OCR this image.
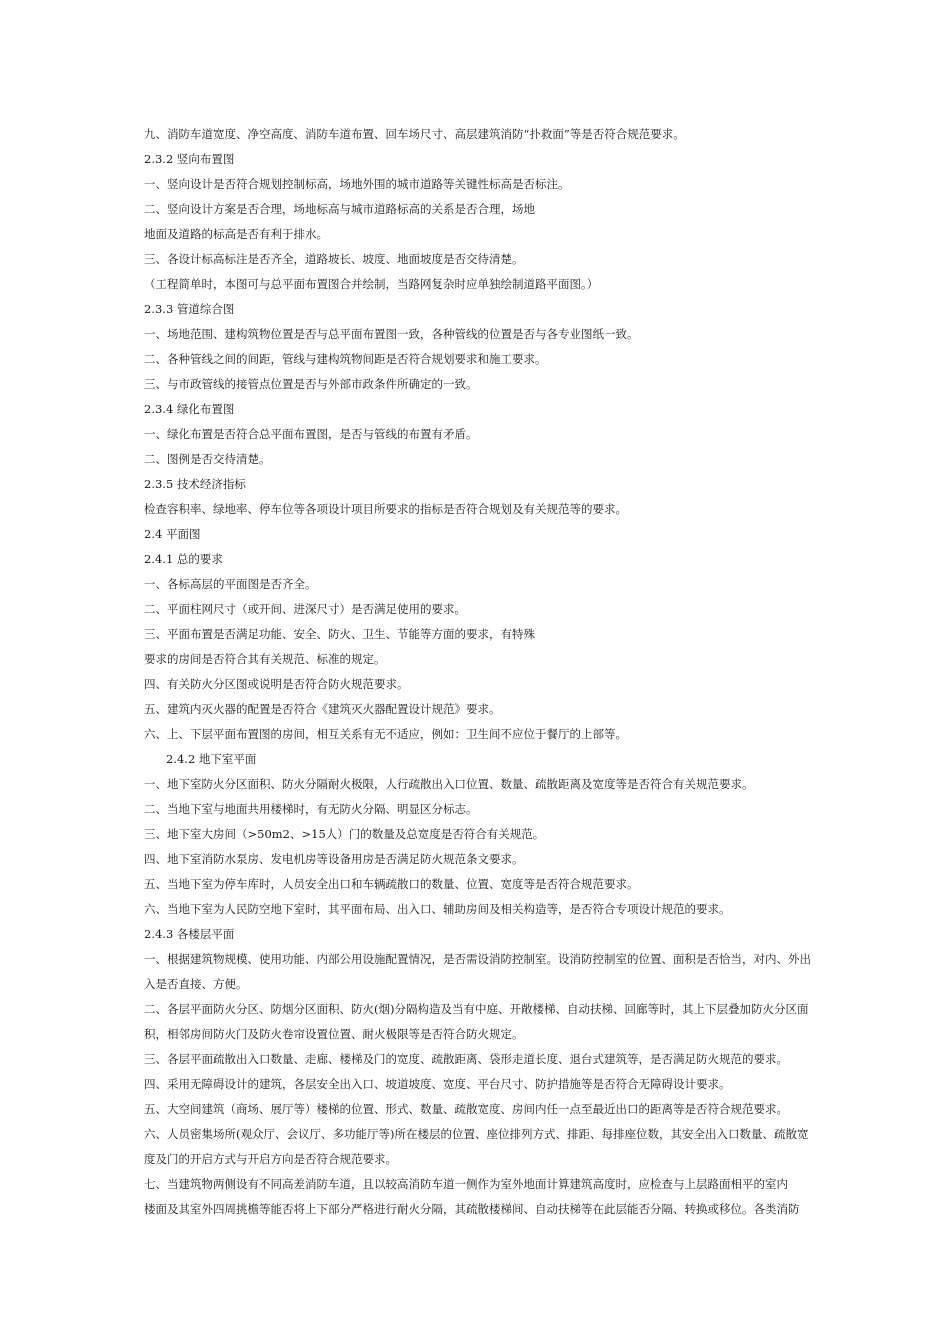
九、消防车道宽度、净空高度、消防车道布置、回车场尺寸、高层建筑消防“扑救面”等是否符合规范要求。
2.3.2 竖向布置图
一、竖向设计是否符合规划控制标高，场地外围的城市道路等关键性标高是否标注。
二、竖向设计方案是否合理，场地标高与城市道路标高的关系是否合理，场地
地面及道路的标高是否有利于排水。
三、各设计标高标注是否齐全，道路坡长、坡度、地面坡度是否交待清楚。
（工程简单时，本图可与总平面布置图合并绘制，当路网复杂时应单独绘制道路平面图。）
2.3.3 管道综合图
一、场地范围、建构筑物位置是否与总平面布置图一致，各种管线的位置是否与各专业图纸一致。
二、各种管线之间的间距，管线与建构筑物间距是否符合规划要求和施工要求。
三、与市政管线的接管点位置是否与外部市政条件所确定的一致。
2.3.4 绿化布置图
一、绿化布置是否符合总平面布置图，是否与管线的布置有矛盾。
二、图例是否交待清楚。
2.3.5 技术经济指标
检查容积率、绿地率、停车位等各项设计项目所要求的指标是否符合规划及有关规范等的要求。
2.4 平面图
2.4.1 总的要求
一、各标高层的平面图是否齐全。
二、平面柱网尺寸（或开间、进深尺寸）是否满足使用的要求。
三、平面布置是否满足功能、安全、防火、卫生、节能等方面的要求，有特殊
要求的房间是否符合其有关规范、标准的规定。
四、有关防火分区图或说明是否符合防火规范要求。
五、建筑内灭火器的配置是否符合《建筑灭火器配置设计规范》要求。
六、上、下层平面布置图的房间，相互关系有无不适应，例如：卫生间不应位于餐厅的上部等。
2.4.2 地下室平面
一、地下室防火分区面积、防火分隔耐火极限，人行疏散出入口位置、数量、疏散距离及宽度等是否符合有关规范要求。
二、当地下室与地面共用楼梯时，有无防火分隔、明显区分标志。
三、地下室大房间（>50m2、>15人）门的数量及总宽度是否符合有关规范。
四、地下室消防水泵房、发电机房等设备用房是否满足防火规范条文要求。
五、当地下室为停车库时，人员安全出口和车辆疏散口的数量、位置、宽度等是否符合规范要求。
六、当地下室为人民防空地下室时，其平面布局、出入口、辅助房间及相关构造等，是否符合专项设计规范的要求。
2.4.3 各楼层平面
一、根据建筑物规模、使用功能、内部公用设施配置情况，是否需设消防控制室。设消防控制室的位置、面积是否恰当，对内、外出
入是否直接、方便。
二、各层平面防火分区、防烟分区面积、防火(烟)分隔构造及当有中庭、开敞楼梯、自动扶梯、回廊等时，其上下层叠加防火分区面
积，相邻房间防火门及防火卷帘设置位置、耐火极限等是否符合防火规定。
三、各层平面疏散出入口数量、走廊、楼梯及门的宽度、疏散距离、袋形走道长度、退台式建筑等，是否满足防火规范的要求。
四、采用无障碍设计的建筑，各层安全出入口、坡道坡度、宽度、平台尺寸、防护措施等是否符合无障碍设计要求。
五、大空间建筑（商场、展厅等）楼梯的位置、形式、数量、疏散宽度、房间内任一点至最近出口的距离等是否符合规范要求。
六、人员密集场所(观众厅、会议厅、多功能厅等)所在楼层的位置、座位排列方式、排距、每排座位数，其安全出入口数量、疏散宽
度及门的开启方式与开启方向是否符合规范要求。
七、当建筑物两侧设有不同高差消防车道，且以较高消防车道一侧作为室外地面计算建筑高度时，应检查与上层路面相平的室内
楼面及其室外四周挑檐等能否将上下部分严格进行耐火分隔，其疏散楼梯间、自动扶梯等在此层能否分隔、转换或移位。各类消防
